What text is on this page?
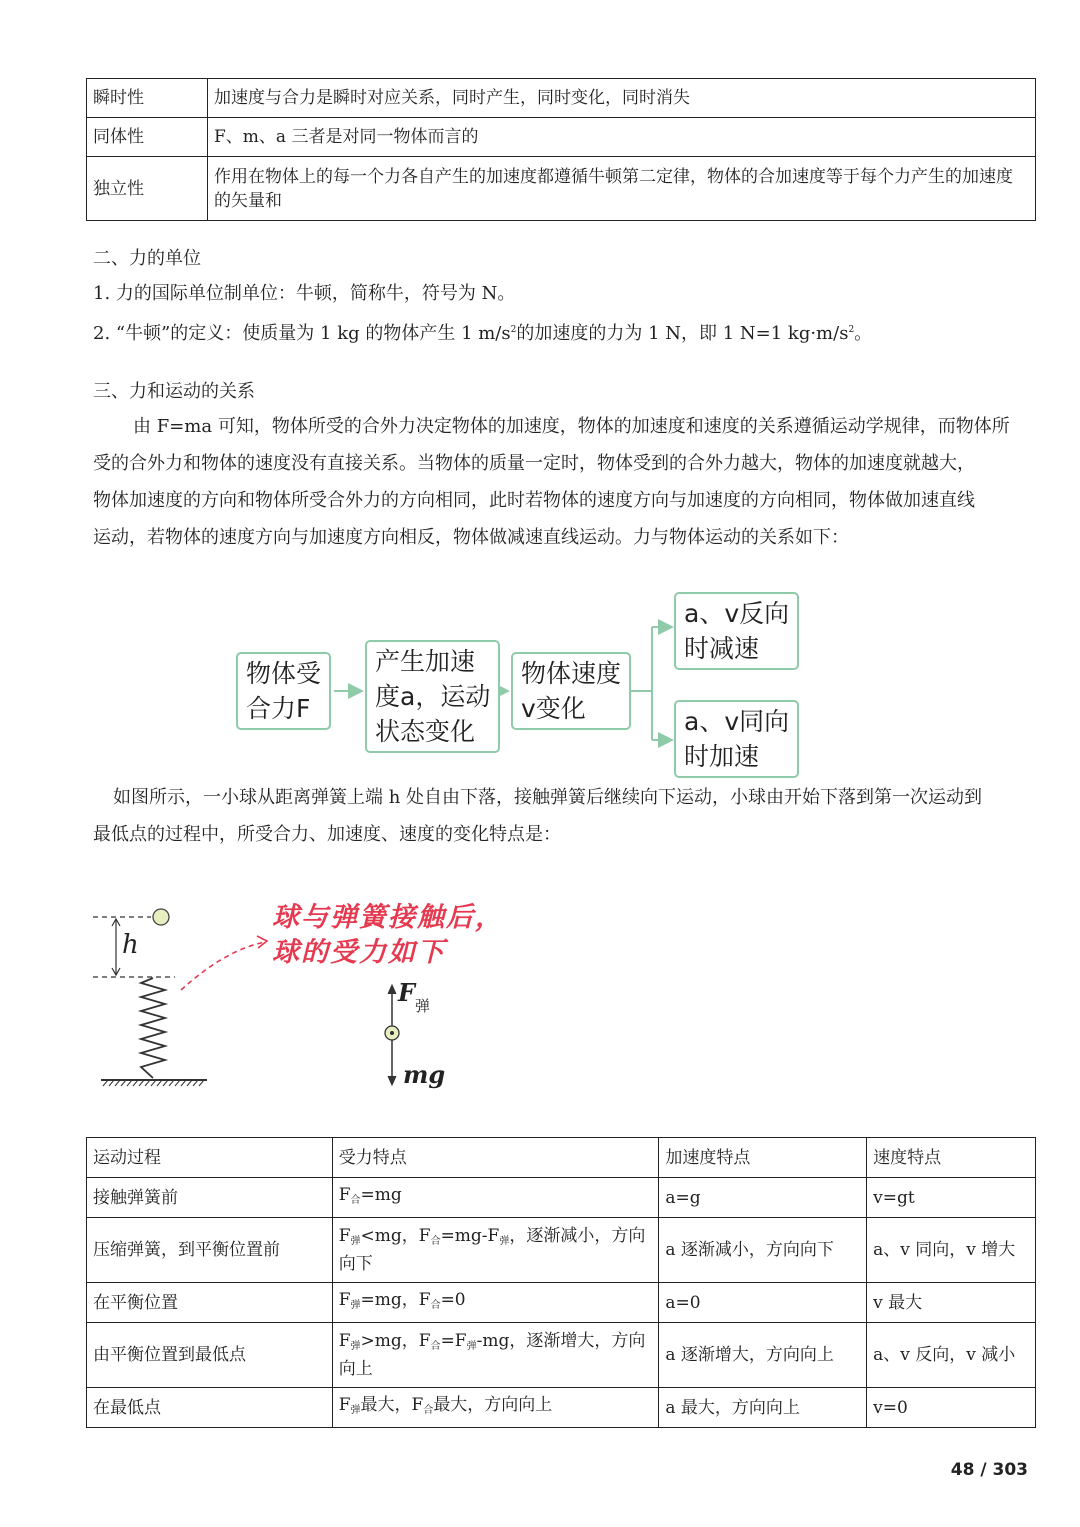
瞬时性	加速度与合力是瞬时对应关系，同时产生，同时变化，同时消失
同体性	F、m、a 三者是对同一物体而言的
独立性	作用在物体上的每一个力各自产生的加速度都遵循牛顿第二定律，物体的合加速度等于每个力产生的加速度的矢量和
二、力的单位
1. 力的国际单位制单位：牛顿，简称牛，符号为 N。
2. “牛顿”的定义：使质量为 1 kg 的物体产生 1 $m/s^2$的加速度的力为 1 N，即 1 N=1 $kg\cdot m/s^2$。
三、力和运动的关系
由 F=ma 可知，物体所受的合外力决定物体的加速度，物体的加速度和速度的关系遵循运动学规律，而物体所
受的合外力和物体的速度没有直接关系。当物体的质量一定时，物体受到的合外力越大，物体的加速度就越大，
物体加速度的方向和物体所受合外力的方向相同，此时若物体的速度方向与加速度的方向相同，物体做加速直线
运动，若物体的速度方向与加速度方向相反，物体做减速直线运动。力与物体运动的关系如下：
物体受
合力F
产生加速
度a，运动
状态变化
物体速度
v变化
a、v反向
时减速
a、v同向
时加速
如图所示，一小球从距离弹簧上端 h 处自由下落，接触弹簧后继续向下运动，小球由开始下落到第一次运动到
最低点的过程中，所受合力、加速度、速度的变化特点是：
h
球与弹簧接触后，
球的受力如下
$F_弹$
mg
运动过程	受力特点	加速度特点	速度特点
接触弹簧前	$F_合=mg$	a=g	v=gt
压缩弹簧，到平衡位置前	$F_弹<mg$，$F_合=mg-F_弹$，逐渐减小，方向向下	a 逐渐减小，方向向下	a、v 同向，v 增大
在平衡位置	$F_弹=mg$，$F_合=0$	a=0	v 最大
由平衡位置到最低点	$F_弹>mg$，$F_合=F_弹-mg$，逐渐增大，方向向上	a 逐渐增大，方向向上	a、v 反向，v 减小
在最低点	$F_弹$最大，$F_合$最大，方向向上	a 最大，方向向上	v=0
48 / 303
